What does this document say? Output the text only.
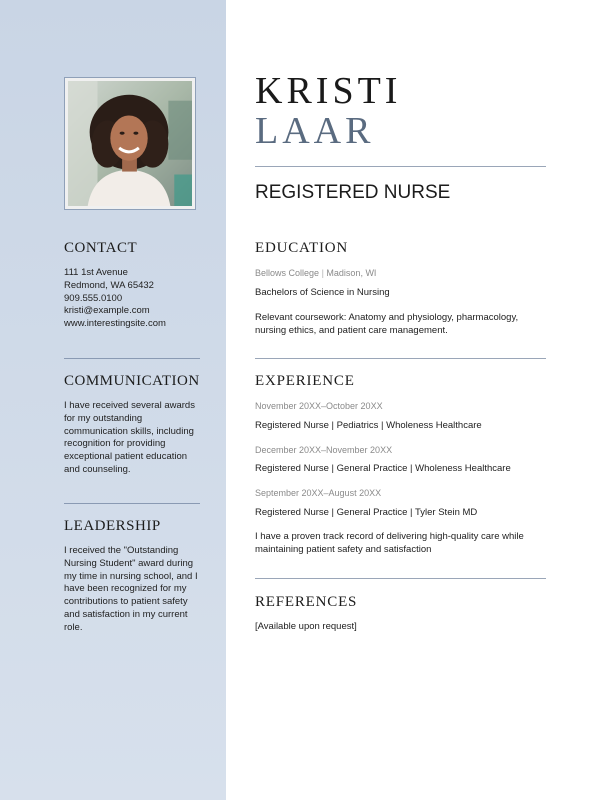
CONTACT
111 1st Avenue
Redmond, WA 65432
909.555.0100
kristi@example.com
www.interestingsite.com
COMMUNICATION
I have received several awards
for my outstanding
communication skills, including
recognition for providing
exceptional patient education
and counseling.
LEADERSHIP
I received the "Outstanding
Nursing Student" award during
my time in nursing school, and I
have been recognized for my
contributions to patient safety
and satisfaction in my current
role.
KRISTI
LAAR
REGISTERED NURSE
EDUCATION
Bellows College | Madison, WI
Bachelors of Science in Nursing
Relevant coursework: Anatomy and physiology, pharmacology,
nursing ethics, and patient care management.
EXPERIENCE
November 20XX–October 20XX
Registered Nurse | Pediatrics | Wholeness Healthcare
December 20XX–November 20XX
Registered Nurse | General Practice | Wholeness Healthcare
September 20XX–August 20XX
Registered Nurse | General Practice | Tyler Stein MD
I have a proven track record of delivering high-quality care while
maintaining patient safety and satisfaction
REFERENCES
[Available upon request]
